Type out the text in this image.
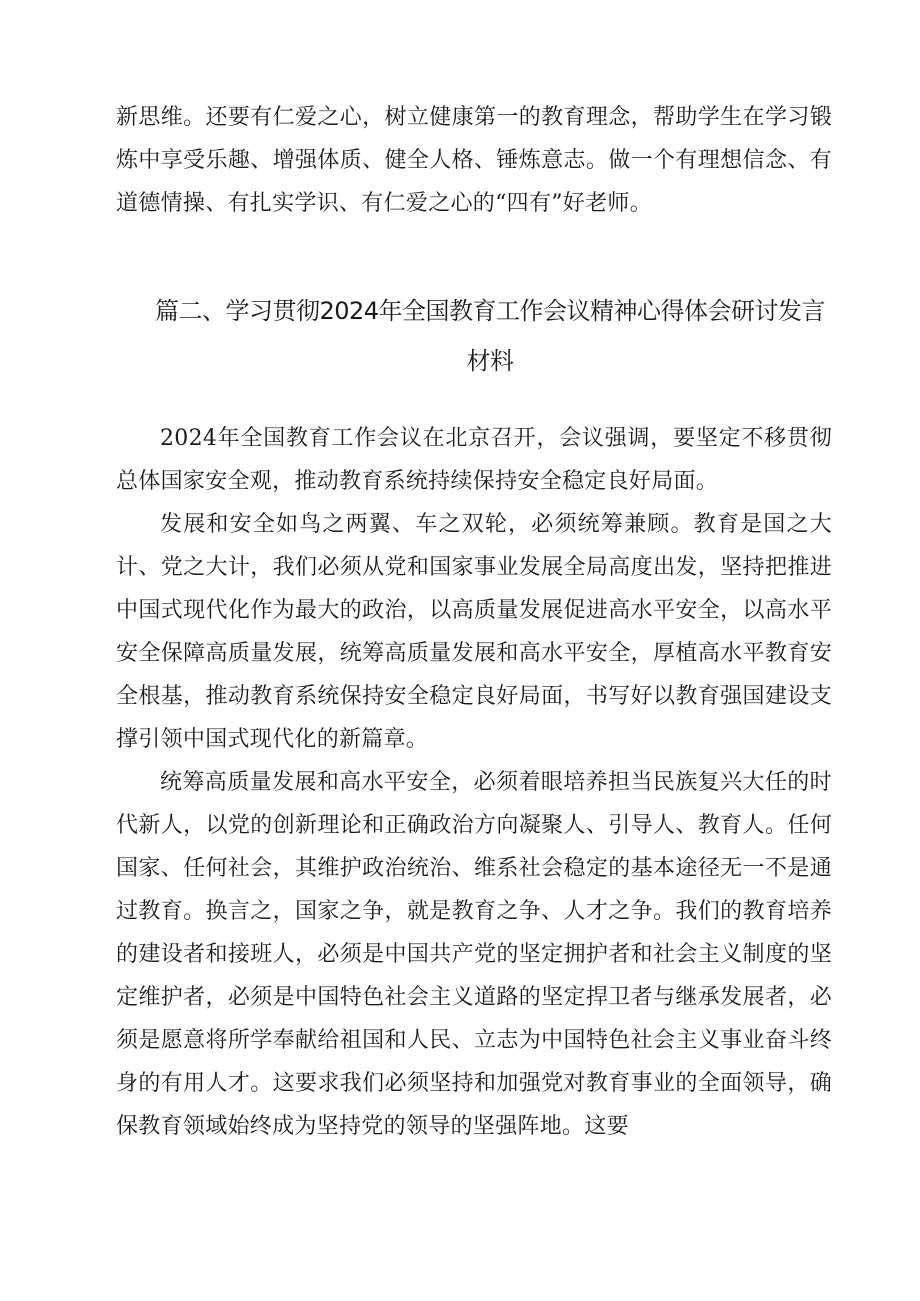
新思维。还要有仁爱之心，树立健康第一的教育理念，帮助学生在学习锻炼中享受乐趣、增强体质、健全人格、锤炼意志。做一个有理想信念、有道德情操、有扎实学识、有仁爱之心的“四有”好老师。

篇二、学习贯彻2024年全国教育工作会议精神心得体会研讨发言材料

2024年全国教育工作会议在北京召开，会议强调，要坚定不移贯彻总体国家安全观，推动教育系统持续保持安全稳定良好局面。

发展和安全如鸟之两翼、车之双轮，必须统筹兼顾。教育是国之大计、党之大计，我们必须从党和国家事业发展全局高度出发，坚持把推进中国式现代化作为最大的政治，以高质量发展促进高水平安全，以高水平安全保障高质量发展，统筹高质量发展和高水平安全，厚植高水平教育安全根基，推动教育系统保持安全稳定良好局面，书写好以教育强国建设支撑引领中国式现代化的新篇章。

统筹高质量发展和高水平安全，必须着眼培养担当民族复兴大任的时代新人，以党的创新理论和正确政治方向凝聚人、引导人、教育人。任何国家、任何社会，其维护政治统治、维系社会稳定的基本途径无一不是通过教育。换言之，国家之争，就是教育之争、人才之争。我们的教育培养的建设者和接班人，必须是中国共产党的坚定拥护者和社会主义制度的坚定维护者，必须是中国特色社会主义道路的坚定捍卫者与继承发展者，必须是愿意将所学奉献给祖国和人民、立志为中国特色社会主义事业奋斗终身的有用人才。这要求我们必须坚持和加强党对教育事业的全面领导，确保教育领域始终成为坚持党的领导的坚强阵地。这要
